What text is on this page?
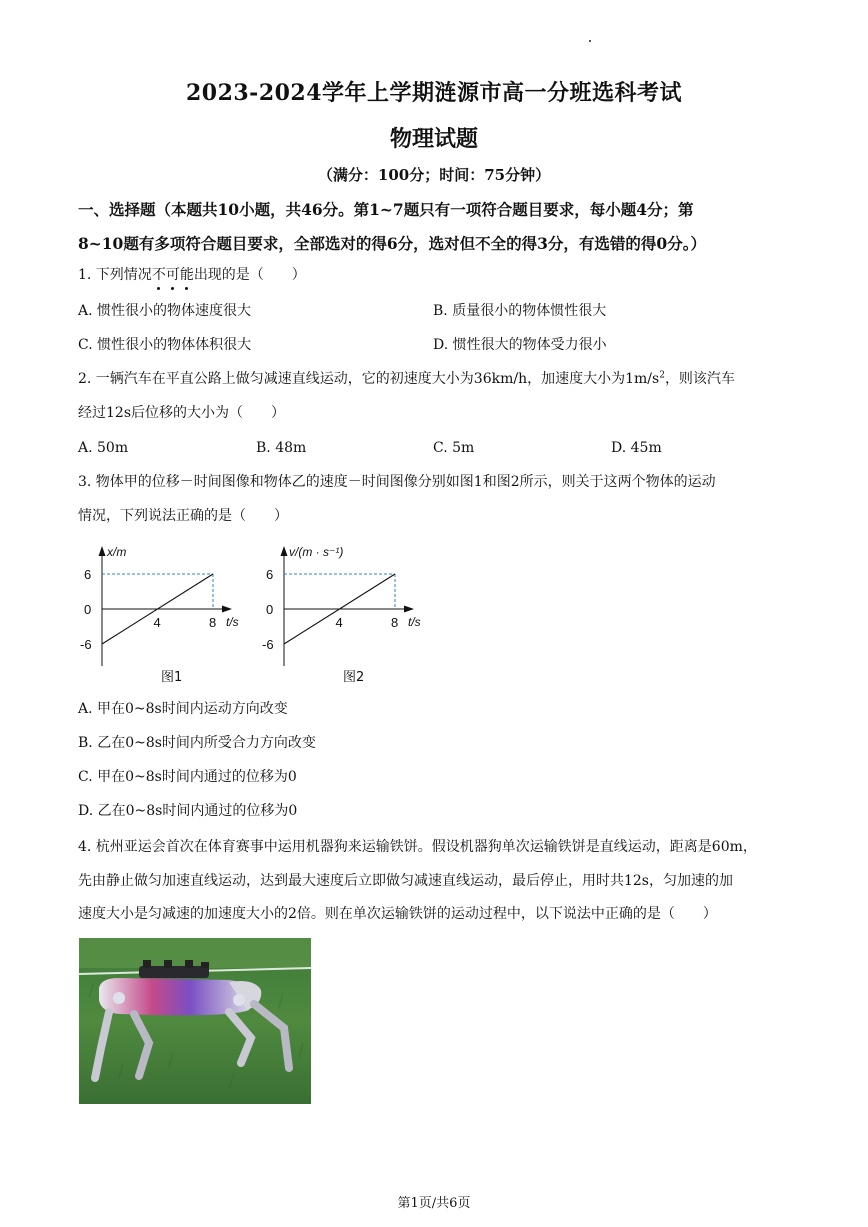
2023-2024学年上学期涟源市高一分班选科考试
物理试题
（满分：100分；时间：75分钟）
一、选择题（本题共10小题，共46分。第1~7题只有一项符合题目要求，每小题4分；第
8~10题有多项符合题目要求，全部选对的得6分，选对但不全的得3分，有选错的得0分。）
1. 下列情况不可能出现的是（　　）
A. 惯性很小的物体速度很大	B. 质量很小的物体惯性很大
C. 惯性很小的物体体积很大	D. 惯性很大的物体受力很小
2. 一辆汽车在平直公路上做匀减速直线运动，它的初速度大小为36km/h，加速度大小为$1m/s^2$，则该汽车
经过12s后位移的大小为（　　）
A. 50m	B. 48m	C. 5m	D. 45m
3. 物体甲的位移－时间图像和物体乙的速度－时间图像分别如图1和图2所示，则关于这两个物体的运动
情况，下列说法正确的是（　　）
6
0
-6
4	8
x/m
t/s
6
0
-6
4	8
v/(m · s⁻¹)
t/s
图1	图2
A. 甲在0~8s时间内运动方向改变
B. 乙在0~8s时间内所受合力方向改变
C. 甲在0~8s时间内通过的位移为0
D. 乙在0~8s时间内通过的位移为0
4. 杭州亚运会首次在体育赛事中运用机器狗来运输铁饼。假设机器狗单次运输铁饼是直线运动，距离是60m，
先由静止做匀加速直线运动，达到最大速度后立即做匀减速直线运动，最后停止，用时共12s，匀加速的加
速度大小是匀减速的加速度大小的2倍。则在单次运输铁饼的运动过程中，以下说法中正确的是（　　）
第1页/共6页
